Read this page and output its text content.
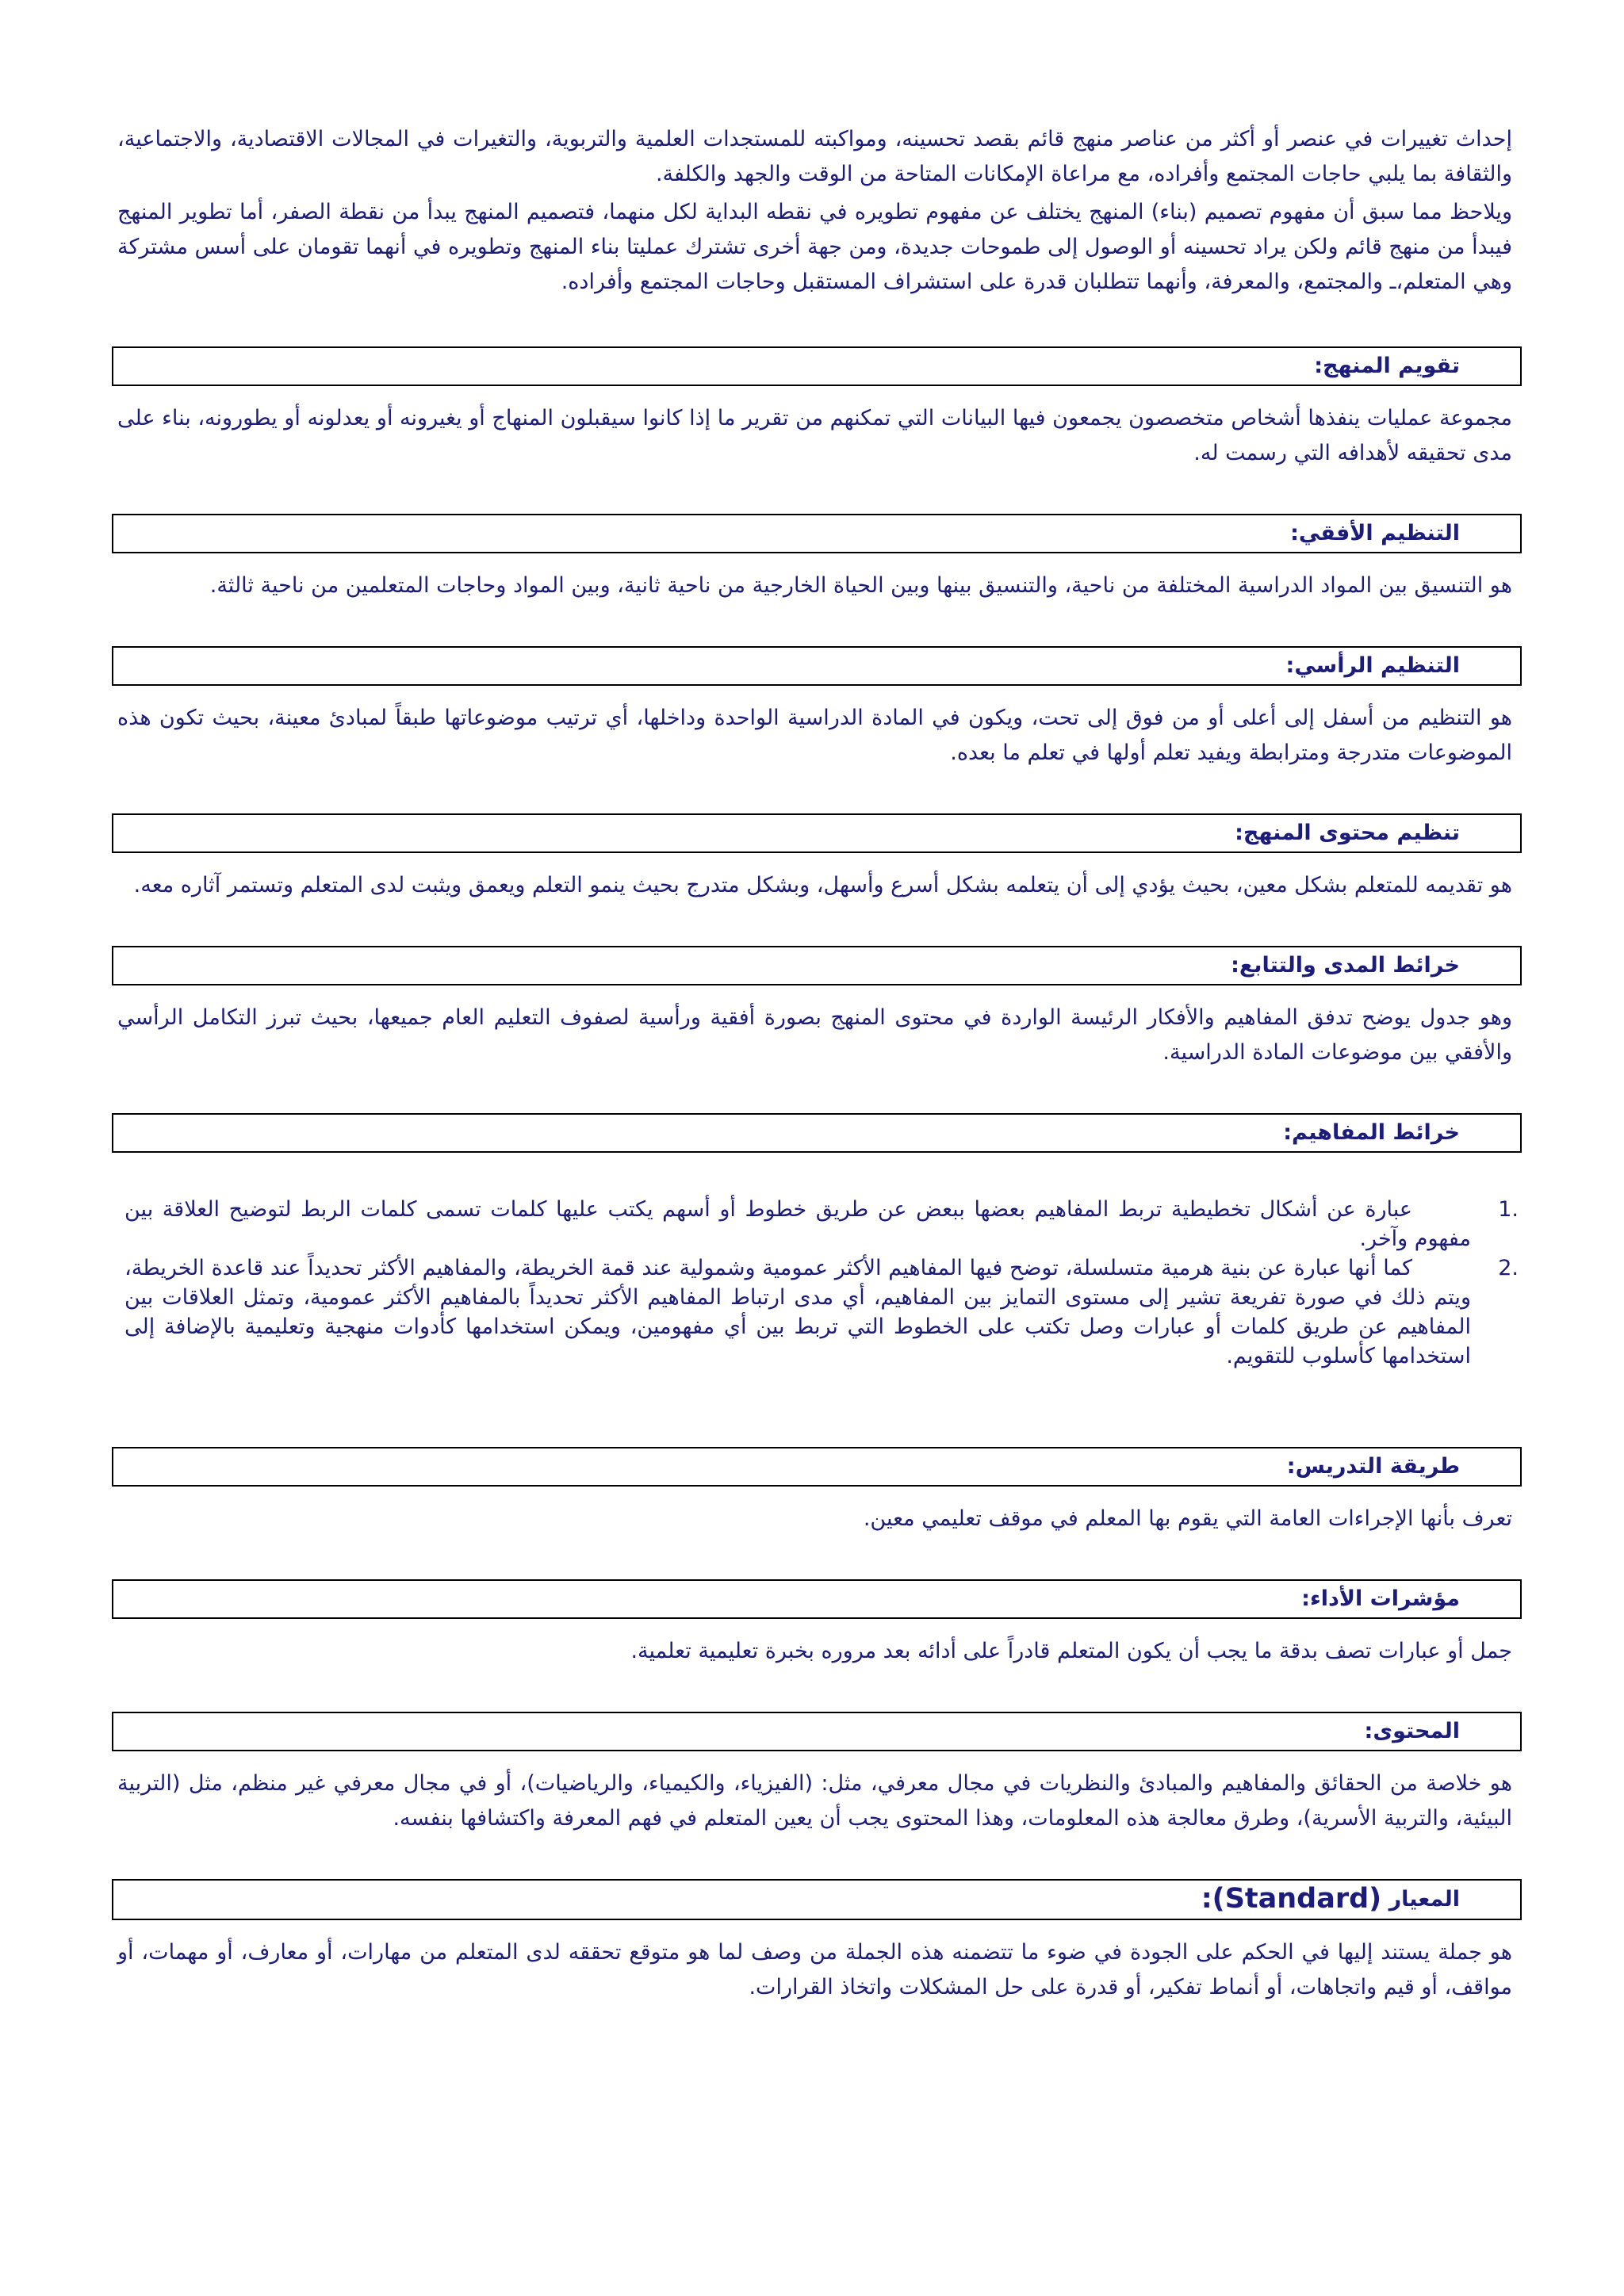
إحداث تغييرات في عنصر أو أكثر من عناصر منهج قائم بقصد تحسينه، ومواكبته للمستجدات العلمية والتربوية، والتغيرات في المجالات الاقتصادية، والاجتماعية، والثقافة بما يلبي حاجات المجتمع وأفراده، مع مراعاة الإمكانات المتاحة من الوقت والجهد والكلفة.

ويلاحظ مما سبق أن مفهوم تصميم (بناء) المنهج يختلف عن مفهوم تطويره في نقطه البداية لكل منهما، فتصميم المنهج يبدأ من نقطة الصفر، أما تطوير المنهج فيبدأ من منهج قائم ولكن يراد تحسينه أو الوصول إلى طموحات جديدة، ومن جهة أخرى تشترك عمليتا بناء المنهج وتطويره في أنهما تقومان على أسس مشتركة وهي المتعلم،ـ والمجتمع، والمعرفة، وأنهما تتطلبان قدرة على استشراف المستقبل وحاجات المجتمع وأفراده.

تقويم المنهج:

مجموعة عمليات ينفذها أشخاص متخصصون يجمعون فيها البيانات التي تمكنهم من تقرير ما إذا كانوا سيقبلون المنهاج أو يغيرونه أو يعدلونه أو يطورونه، بناء على مدى تحقيقه لأهدافه التي رسمت له.

التنظيم الأفقي:

هو التنسيق بين المواد الدراسية المختلفة من ناحية، والتنسيق بينها وبين الحياة الخارجية من ناحية ثانية، وبين المواد وحاجات المتعلمين من ناحية ثالثة.

التنظيم الرأسي:

هو التنظيم من أسفل إلى أعلى أو من فوق إلى تحت، ويكون في المادة الدراسية الواحدة وداخلها، أي ترتيب موضوعاتها طبقاً لمبادئ معينة، بحيث تكون هذه الموضوعات متدرجة ومترابطة ويفيد تعلم أولها في تعلم ما بعده.

تنظيم محتوى المنهج:

هو تقديمه للمتعلم بشكل معين، بحيث يؤدي إلى أن يتعلمه بشكل أسرع وأسهل، وبشكل متدرج بحيث ينمو التعلم ويعمق ويثبت لدى المتعلم وتستمر آثاره معه.

خرائط المدى والتتابع:

وهو جدول يوضح تدفق المفاهيم والأفكار الرئيسة الواردة في محتوى المنهج بصورة أفقية ورأسية لصفوف التعليم العام جميعها، بحيث تبرز التكامل الرأسي والأفقي بين موضوعات المادة الدراسية.

خرائط المفاهيم:
1.
عبارة عن أشكال تخطيطية تربط المفاهيم بعضها ببعض عن طريق خطوط أو أسهم يكتب عليها كلمات تسمى كلمات الربط لتوضيح العلاقة بين مفهوم وآخر.
2.
كما أنها عبارة عن بنية هرمية متسلسلة، توضح فيها المفاهيم الأكثر عمومية وشمولية عند قمة الخريطة، والمفاهيم الأكثر تحديداً عند قاعدة الخريطة، ويتم ذلك في صورة تفريعة تشير إلى مستوى التمايز بين المفاهيم، أي مدى ارتباط المفاهيم الأكثر تحديداً بالمفاهيم الأكثر عمومية، وتمثل العلاقات بين المفاهيم عن طريق كلمات أو عبارات وصل تكتب على الخطوط التي تربط بين أي مفهومين، ويمكن استخدامها كأدوات منهجية وتعليمية بالإضافة إلى استخدامها كأسلوب للتقويم.
طريقة التدريس:

تعرف بأنها الإجراءات العامة التي يقوم بها المعلم في موقف تعليمي معين.

مؤشرات الأداء:

جمل أو عبارات تصف بدقة ما يجب أن يكون المتعلم قادراً على أدائه بعد مروره بخبرة تعليمية تعلمية.

المحتوى:

هو خلاصة من الحقائق والمفاهيم والمبادئ والنظريات في مجال معرفي، مثل: (الفيزياء، والكيمياء، والرياضيات)، أو في مجال معرفي غير منظم، مثل (التربية البيئية، والتربية الأسرية)، وطرق معالجة هذه المعلومات، وهذا المحتوى يجب أن يعين المتعلم في فهم المعرفة واكتشافها بنفسه.

المعيار

(Standard):

هو جملة يستند إليها في الحكم على الجودة في ضوء ما تتضمنه هذه الجملة من وصف لما هو متوقع تحققه لدى المتعلم من مهارات، أو معارف، أو مهمات، أو مواقف، أو قيم واتجاهات، أو أنماط تفكير، أو قدرة على حل المشكلات واتخاذ القرارات.
